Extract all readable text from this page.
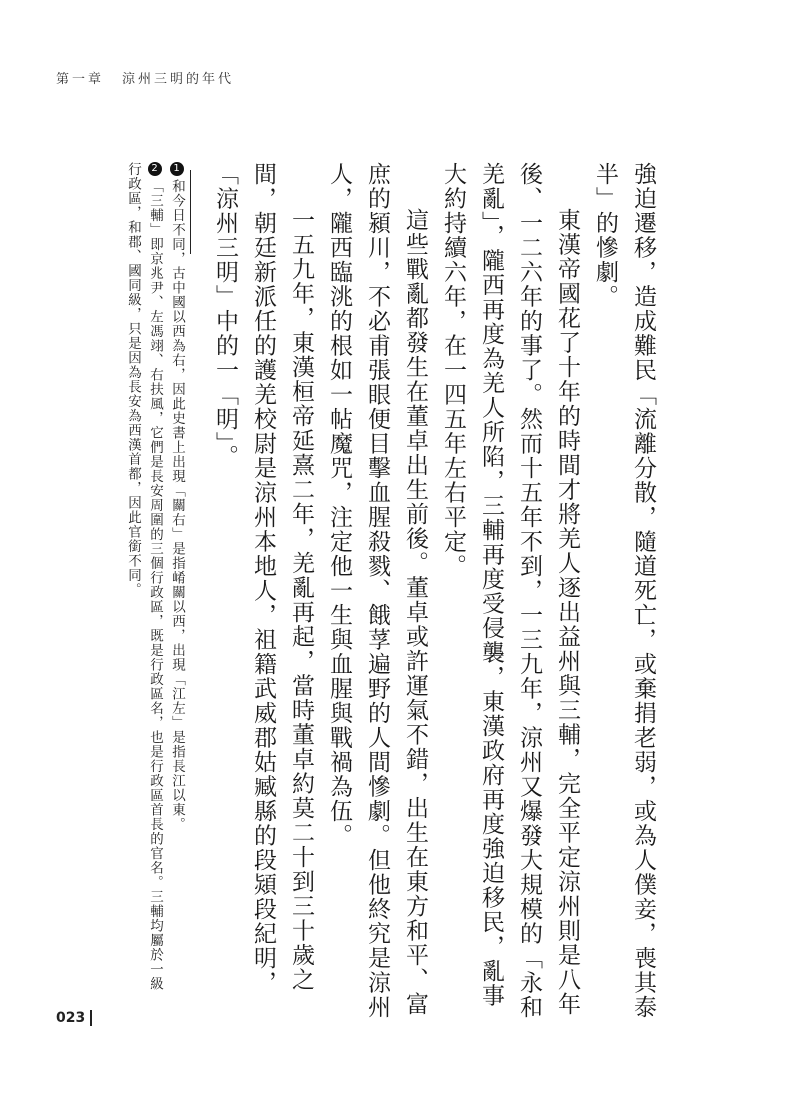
第一章 涼州三明的年代

強迫遷移，造成難民「流離分散，隨道死亡，或棄捐老弱，或為人僕妾，喪其泰半」的慘劇。

東漢帝國花了十年的時間才將羌人逐出益州與三輔，完全平定涼州則是八年後、一二六年的事了。然而十五年不到，一三九年，涼州又爆發大規模的「永和羌亂」，隴西再度為羌人所陷，三輔再度受侵襲，東漢政府再度強迫移民，亂事大約持續六年，在一四五年左右平定。

這些戰亂都發生在董卓出生前後。董卓或許運氣不錯，出生在東方和平、富庶的潁川，不必甫張眼便目擊血腥殺戮、餓莩遍野的人間慘劇。但他終究是涼州人，隴西臨洮的根如一帖魔咒，注定他一生與血腥與戰禍為伍。

一五九年，東漢桓帝延熹二年，羌亂再起，當時董卓約莫二十到三十歲之間，朝廷新派任的護羌校尉是涼州本地人，祖籍武威郡姑臧縣的段熲段紀明，「涼州三明」中的一「明」。

1和今日不同，古中國以西為右，因此史書上出現「關右」是指崤關以西，出現「江左」是指長江以東。

2「三輔」即京兆尹、左馮翊、右扶風，它們是長安周圍的三個行政區，既是行政區名，也是行政區首長的官名。三輔均屬於一級行政區，和郡、國同級，只是因為長安為西漢首都，因此官銜不同。

023
